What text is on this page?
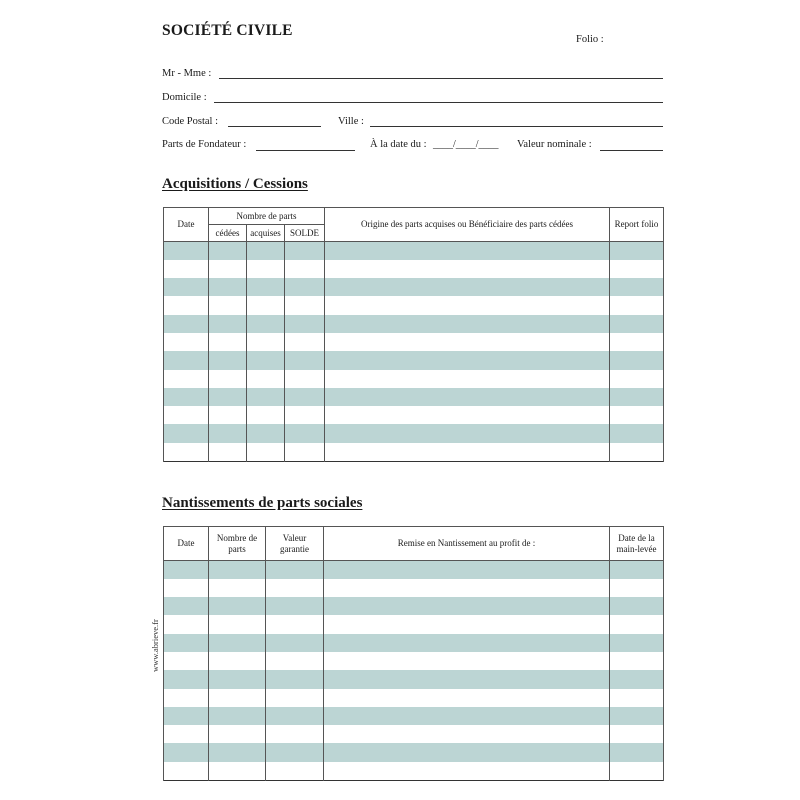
SOCIÉTÉ CIVILE
Folio :
Mr - Mme :
Domicile :
Code Postal :	Ville :
Parts de Fondateur :	À la date du : ____/____/____ Valeur nominale :
Acquisitions / Cessions
Date	Nombre de parts			Origine des parts acquises ou Bénéficiaire des parts cédées	Report folio
	cédées	acquises	SOLDE		

Nantissements de parts sociales
Date	Nombre de parts	Valeur garantie	Remise en Nantissement au profit de :	Date de la main-levée

www.abrieve.fr
